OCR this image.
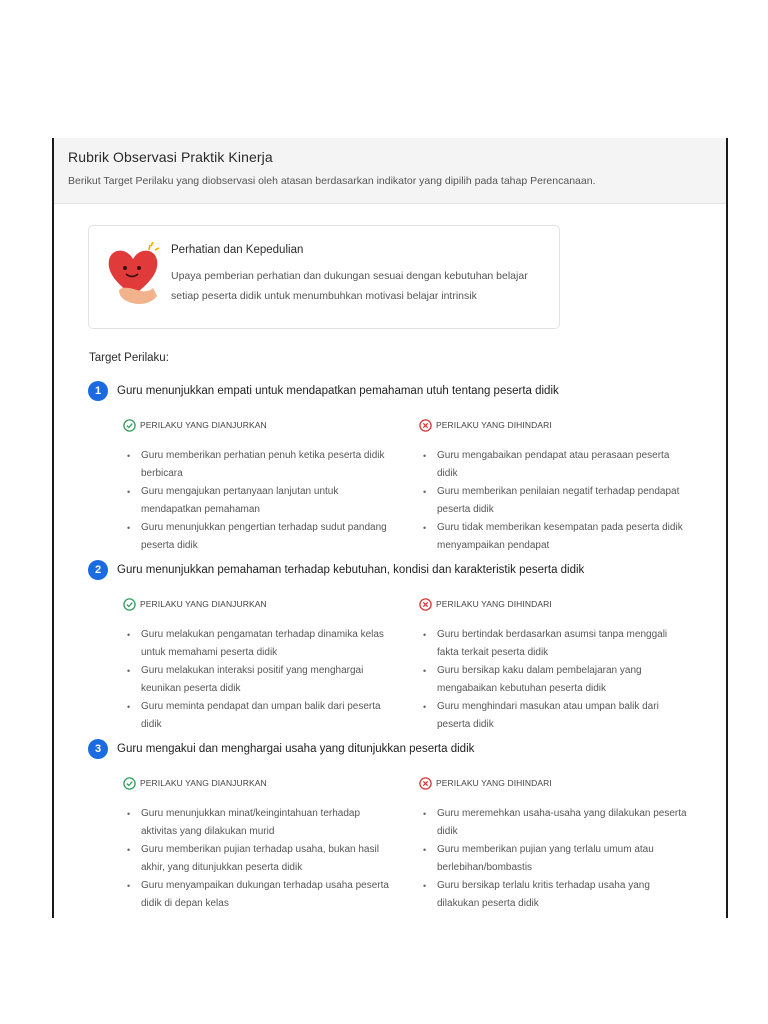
Rubrik Observasi Praktik Kinerja
Berikut Target Perilaku yang diobservasi oleh atasan berdasarkan indikator yang dipilih pada tahap Perencanaan.
Perhatian dan Kepedulian
Upaya pemberian perhatian dan dukungan sesuai dengan kebutuhan belajar setiap peserta didik untuk menumbuhkan motivasi belajar intrinsik
Target Perilaku:
1	Guru menunjukkan empati untuk mendapatkan pemahaman utuh tentang peserta didik
PERILAKU YANG DIANJURKAN
• Guru memberikan perhatian penuh ketika peserta didik berbicara
• Guru mengajukan pertanyaan lanjutan untuk mendapatkan pemahaman
• Guru menunjukkan pengertian terhadap sudut pandang peserta didik
PERILAKU YANG DIHINDARI
• Guru mengabaikan pendapat atau perasaan peserta didik
• Guru memberikan penilaian negatif terhadap pendapat peserta didik
• Guru tidak memberikan kesempatan pada peserta didik menyampaikan pendapat
2	Guru menunjukkan pemahaman terhadap kebutuhan, kondisi dan karakteristik peserta didik
PERILAKU YANG DIANJURKAN
• Guru melakukan pengamatan terhadap dinamika kelas untuk memahami peserta didik
• Guru melakukan interaksi positif yang menghargai keunikan peserta didik
• Guru meminta pendapat dan umpan balik dari peserta didik
PERILAKU YANG DIHINDARI
• Guru bertindak berdasarkan asumsi tanpa menggali fakta terkait peserta didik
• Guru bersikap kaku dalam pembelajaran yang mengabaikan kebutuhan peserta didik
• Guru menghindari masukan atau umpan balik dari peserta didik
3	Guru mengakui dan menghargai usaha yang ditunjukkan peserta didik
PERILAKU YANG DIANJURKAN
• Guru menunjukkan minat/keingintahuan terhadap aktivitas yang dilakukan murid
• Guru memberikan pujian terhadap usaha, bukan hasil akhir, yang ditunjukkan peserta didik
• Guru menyampaikan dukungan terhadap usaha peserta didik di depan kelas
PERILAKU YANG DIHINDARI
• Guru meremehkan usaha-usaha yang dilakukan peserta didik
• Guru memberikan pujian yang terlalu umum atau berlebihan/bombastis
• Guru bersikap terlalu kritis terhadap usaha yang dilakukan peserta didik
